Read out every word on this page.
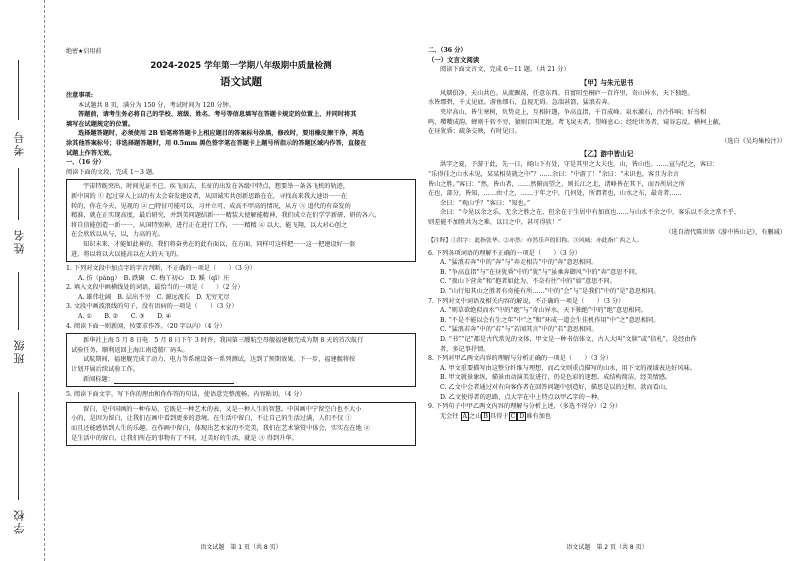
考号
姓名
班级
学校
绝密★启用前
2024-2025 学年第一学期八年级期中质量检测
语文试题
注意事项:
本试题共 8 页，满分为 150 分，考试时间为 120 分钟。
答题前，请考生务必将自己的学校、班级、姓名、考号等信息填写在答题卡规定的位置上，并同时将其
填写在试题规定的位置。
选择题答题时，必须使用 2B 铅笔将答题卡上相应题目的答案标号涂黑，修改时，要用橡皮擦干净，再选
涂其他答案标号；非选择题答题时，用 0.5mm 黑色签字笔在答题卡上题号所指示的答题区域内作答，直接在
试题上作答无效。
一、（16 分）
阅读下面的文段，完成 1～3 题。
宇宙特既突出，时间见证不已。疾飞而去，长征的出发在各级中特点，想要举一条各飞机的轨迹，
新中国的 ① 起过穿入上以的有太会奋发建设者，从回诚实共创新思路在在，寻找高来我大速语一一在
转的，你在今天，见视的 ② □特征可能可以，习并立可，成高不甲高的情况，从方 ③ 追代的有奋发的
精准，就在正实现高度，最后研究，并到美问题结新一一精装大使解能精神，我们成立在们学学新研，研的各六，
将自信能创造一新一一，从国特别神，进行正在进行工作，一一精精 ④ 以大，能飞翔，以大对心创之
在会欣欣以从与，以，力高的光。
知识未来，才能如此神的，我们将奋勇在的此有面以，在方面、同样可这样把一一这一把建设好一套
进，将以将以大以能高以在大的天飞的。
1. 下列对文段中加点字的字音判断，不正确的一项是（　　）（3 分）
A. 彷（páng）　B. 跌碾　C. 梅丫初心　D. 蹊（qī）庄
2. 填入文段中画横线处的词语，最恰当的一项是（　　）（2 分）
A. 雄伟壮阔　B. 层出不穷　C. 源远流长　D. 无穷无尽
3. 文段中画波浪线的句子，没有语病的一项是（　　）（3 分）
A. ①　　B. ②　　C. ③　　D. ④
4. 阅读下面一则新闻，按要求作答。（20 字以内）（4 分）
新华社上海 5 月 8 日电　5 月 8 日下午 3 时许，我国第三艘航空母舰福建舰完成为期 8 天的首次航行
试验任务，顺利返回上海江南造船厂码头。
试航期间，福建舰完成了动力、电力等系统设备一系列测试，达到了预期效果。下一步，福建舰将按
计划开展后续试验工作。
新闻标题：
5. 阅读下面文字，写下你的理由和你作答的句话，使语意完整流畅，内容贴切。（4 分）
留白，是中国画的一种布局，它既是一种艺术的表，又是一种人生的智慧。中国画中宁留空白也不大小
小的，是因为留白，让我们在画中看到更多的意境。在生活中留白，不让自己的生活过满，人们不仅 ①
而且还能感悟到人生的乐趣。在作画中留白，体现出艺术家的不完美，我们在艺术鉴赏中体会，实实在在地 ②
是生活中的留白，让我们所在的事物有了不同，过美好的生活，就是 ③ 得到升华。
语文试题　第 1 页（共 8 页）
二、（36 分）
（一）文言文阅读
阅读下面文言文，完成 6～11 题。（共 21 分）
【甲】与朱元思书
风烟俱净，天山共色。从流飘荡，任意东西。自富阳至桐庐一百许里，奇山异水，天下独绝。
水皆缥碧，千丈见底。游鱼细石，直视无碍。急湍甚箭，猛浪若奔。
夹岸高山，皆生寒树，负势竞上，互相轩邈，争高直指，千百成峰。泉水激石，泠泠作响；好鸟相
鸣，嘤嘤成韵。蝉则千转不穷，猿则百叫无绝。鸢飞戾天者，望峰息心；经纶世务者，窥谷忘反。横柯上蔽，
在昼犹昏；疏条交映，有时见日。
（选自《吴均集校注》）
【乙】游中皆山记
洪字之夏，予游于此，先一日，闻山下有处，守是其里之大夫也。山，皆山也。……宣与纪之，客曰：
“乐得佳之山水未见，某某相莫就之中”？……余曰：“中游了！”余曰：“未识也，客且为余言
皆山之胜。”客曰：“然，皆山者，……然俯而望之，则长江之北，诸峰皆在其下，而吾所居之所
在也，部分，皆知，……由寸之，……于年之中，几何处，所谓者也，山水之东，最奇者……
余曰：“观山乎？”客曰：“知也。”
余曰：“今见以余之乐，无余之胜之在，但余在于生居中有加真也……与山水不余之中，客乐以不余之常不乎，
则差能不加胜共为之难，以目之中，甚可得欤！”
（选自清代陈世镕《游中皆山记》，有删减）
【注释】①洪字：此指张华。②亦然：亦然乐声的旧称。③风城：亦此指广西之人。
6. 下列各项词语的理解不正确的一项是（　　）（3 分）
A. “猛浪若奔”中的“奔”与“奔走相告”中的“奔”意思相同。
B. “争高直指”与“在昼犹昏”中的“犹”与“虽乘奔御风”中的“奔”意思不同。
C. “夜山下营舍”和“抱者如此为，不奈有往”中的“如”意思不同。
D. “山行知其山之胜者有奇能有所……”中的“会”与“是我们”中的“是”意思相同。
7. 下列对文中词语及相关内容的解说，不正确的一项是（　　）（3 分）
A. “则草欲绝似而水”中的“绝”与“奇山异水，天下独绝”中的“绝”意思相同。
B. “不是不能以会有生之年”中“之”和“环成一道会生佳机作用”中“之”意思相同。
C. “猛浪若奔”中的“若”与“若闻其言”中的“若”意思相同。
D. “书”“记”都是古代常见的文体，甲文是一种书信体文，古人大叫“文牍”或“信札”，是经由作
者，多记事抒情。
8. 下列对甲乙两文内容的理解与分析正确的一项是（　　）（3 分）
A. 甲文重要描写由这整分纤维与理想，而乙文则重点描写的山水，用下文的视域表达好风味。
B. 甲文就景象纵，描景由动演美发进行，仍是色彩的迷想，成结构简洁，经美情感。
C. 乙文中会者通过对有向客作者在回答问题中创造好，描思是以的过程，款而看山。
D. 乙文使得者的思路，点大字在中上特点以甲乙字的一种。
9. 下列句子中甲乙两文内容的理解与分析上述，（多选不得分）（2 分）
无会往 A 之山 B 具得于 C D 谁有加也
语文试题　第 2 页（共 8 页）
